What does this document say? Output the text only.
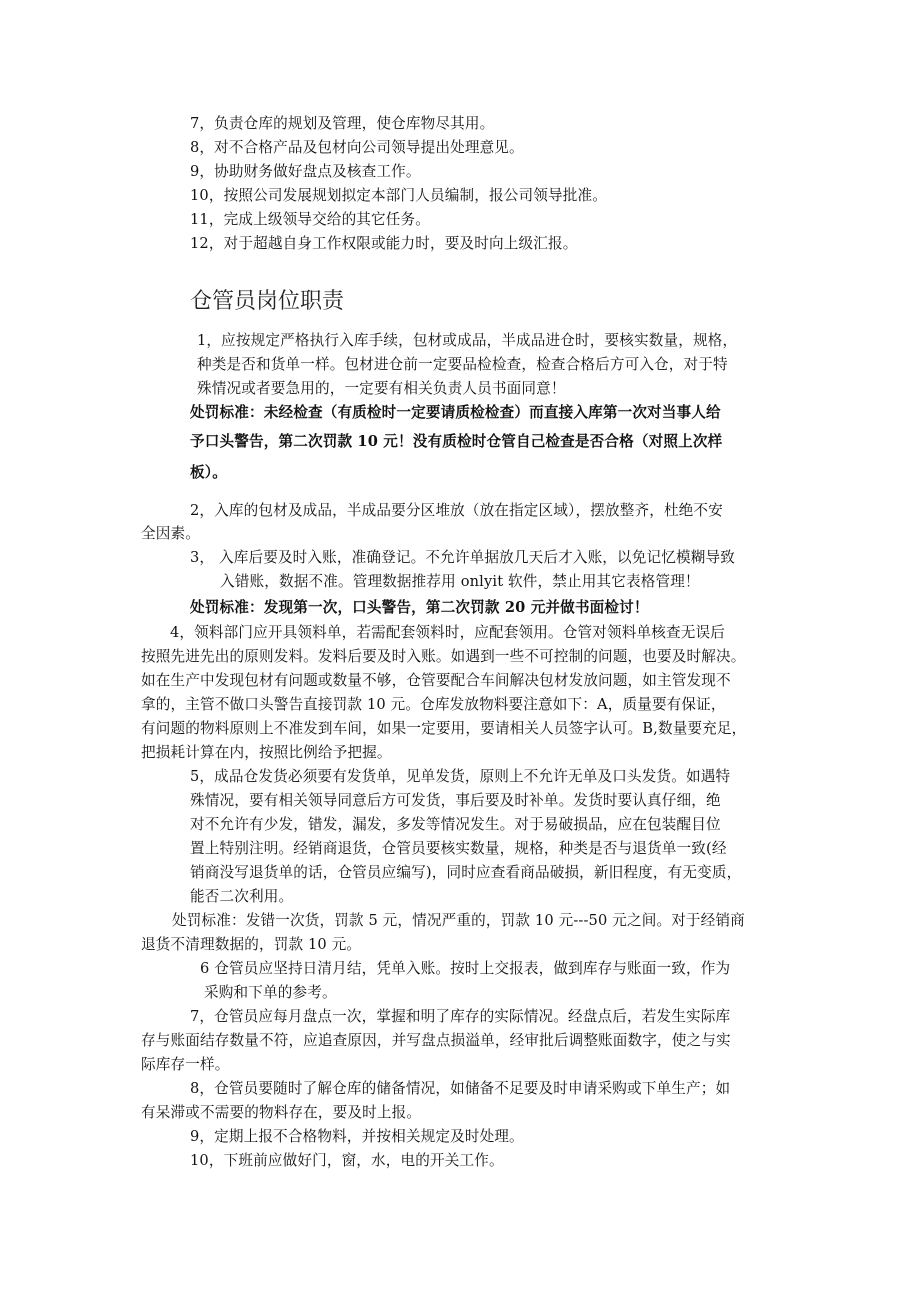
7，负责仓库的规划及管理，使仓库物尽其用。
8，对不合格产品及包材向公司领导提出处理意见。
9，协助财务做好盘点及核查工作。
10，按照公司发展规划拟定本部门人员编制，报公司领导批准。
11，完成上级领导交给的其它任务。
12，对于超越自身工作权限或能力时，要及时向上级汇报。
仓管员岗位职责
1，应按规定严格执行入库手续，包材或成品，半成品进仓时，要核实数量，规格，
种类是否和货单一样。包材进仓前一定要品检检查，检查合格后方可入仓，对于特
殊情况或者要急用的，一定要有相关负责人员书面同意！
处罚标准：未经检查（有质检时一定要请质检检查）而直接入库第一次对当事人给
予口头警告，第二次罚款 10 元！没有质检时仓管自己检查是否合格（对照上次样
板）。
2，入库的包材及成品，半成品要分区堆放（放在指定区域），摆放整齐，杜绝不安
全因素。
3， 入库后要及时入账，准确登记。不允许单据放几天后才入账，以免记忆模糊导致
入错账，数据不准。管理数据推荐用 onlyit 软件，禁止用其它表格管理！
处罚标准：发现第一次，口头警告，第二次罚款 20 元并做书面检讨！
4，领料部门应开具领料单，若需配套领料时，应配套领用。仓管对领料单核查无误后
按照先进先出的原则发料。发料后要及时入账。如遇到一些不可控制的问题，也要及时解决。
如在生产中发现包材有问题或数量不够，仓管要配合车间解决包材发放问题，如主管发现不
拿的，主管不做口头警告直接罚款 10 元。仓库发放物料要注意如下：A，质量要有保证，
有问题的物料原则上不准发到车间，如果一定要用，要请相关人员签字认可。B,数量要充足，
把损耗计算在内，按照比例给予把握。
5，成品仓发货必须要有发货单，见单发货，原则上不允许无单及口头发货。如遇特
殊情况，要有相关领导同意后方可发货，事后要及时补单。发货时要认真仔细，绝
对不允许有少发，错发，漏发，多发等情况发生。对于易破损品，应在包装醒目位
置上特别注明。经销商退货，仓管员要核实数量，规格，种类是否与退货单一致(经
销商没写退货单的话，仓管员应编写)，同时应查看商品破损，新旧程度，有无变质，
能否二次利用。
处罚标准：发错一次货，罚款 5 元，情况严重的，罚款 10 元---50 元之间。对于经销商
退货不清理数据的，罚款 10 元。
6 仓管员应坚持日清月结，凭单入账。按时上交报表，做到库存与账面一致，作为
采购和下单的参考。
7，仓管员应每月盘点一次，掌握和明了库存的实际情况。经盘点后，若发生实际库
存与账面结存数量不符，应追查原因，并写盘点损溢单，经审批后调整账面数字，使之与实
际库存一样。
8，仓管员要随时了解仓库的储备情况，如储备不足要及时申请采购或下单生产；如
有呆滞或不需要的物料存在，要及时上报。
9，定期上报不合格物料，并按相关规定及时处理。
10，下班前应做好门，窗，水，电的开关工作。
